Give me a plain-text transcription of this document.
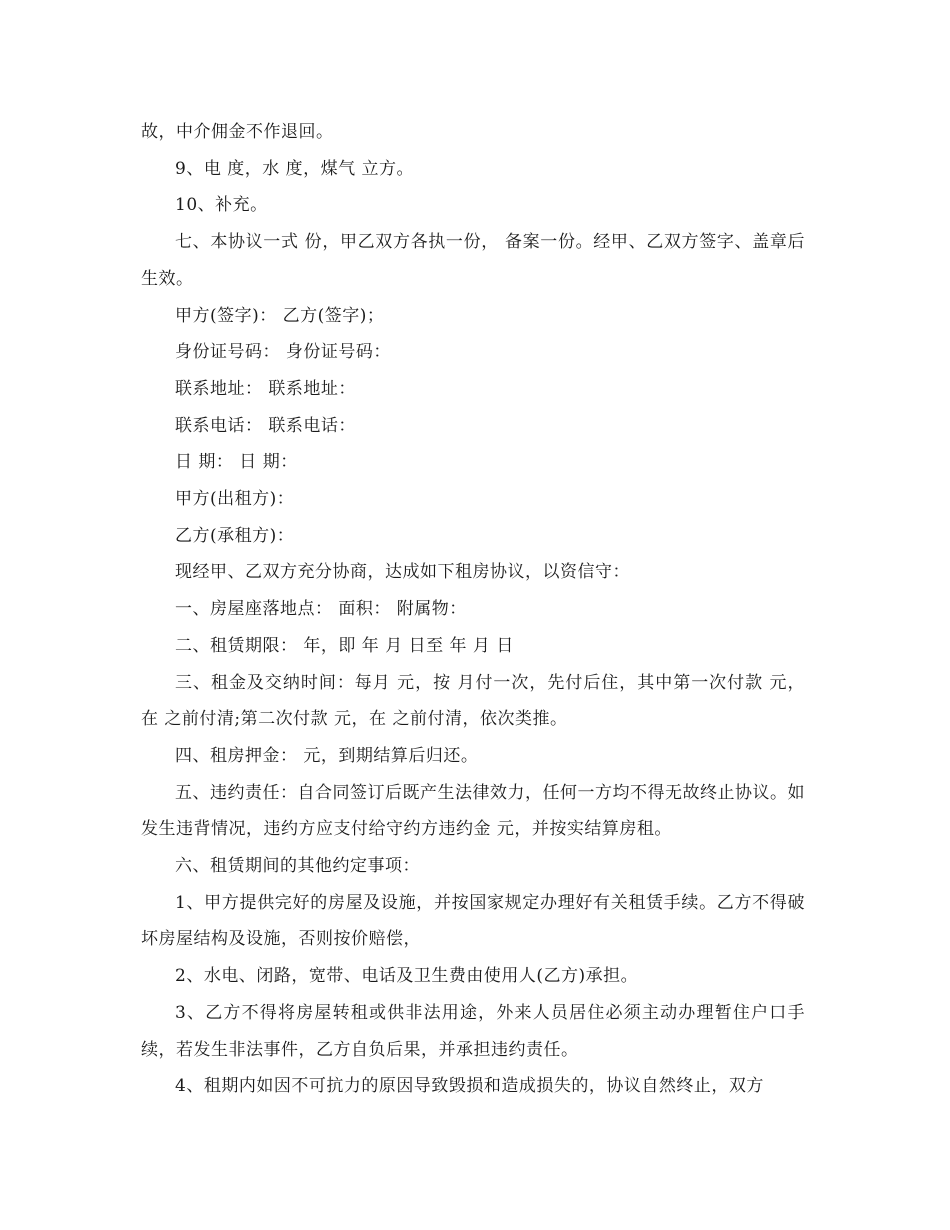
故，中介佣金不作退回。

9、电 度，水 度，煤气 立方。

10、补充。

七、本协议一式 份，甲乙双方各执一份， 备案一份。经甲、乙双方签字、盖章后生效。

甲方(签字)： 乙方(签字)；

身份证号码： 身份证号码：

联系地址： 联系地址：

联系电话： 联系电话：

日 期： 日 期：

甲方(出租方)：

乙方(承租方)：

现经甲、乙双方充分协商，达成如下租房协议，以资信守：

一、房屋座落地点： 面积： 附属物：

二、租赁期限： 年，即 年 月 日至 年 月 日

三、租金及交纳时间：每月 元，按 月付一次，先付后住，其中第一次付款 元，在 之前付清;第二次付款 元，在 之前付清，依次类推。

四、租房押金： 元，到期结算后归还。

五、违约责任：自合同签订后既产生法律效力，任何一方均不得无故终止协议。如发生违背情况，违约方应支付给守约方违约金 元，并按实结算房租。

六、租赁期间的其他约定事项：

1、甲方提供完好的房屋及设施，并按国家规定办理好有关租赁手续。乙方不得破坏房屋结构及设施，否则按价赔偿，

2、水电、闭路，宽带、电话及卫生费由使用人(乙方)承担。

3、乙方不得将房屋转租或供非法用途，外来人员居住必须主动办理暂住户口手续，若发生非法事件，乙方自负后果，并承担违约责任。

4、租期内如因不可抗力的原因导致毁损和造成损失的，协议自然终止，双方
